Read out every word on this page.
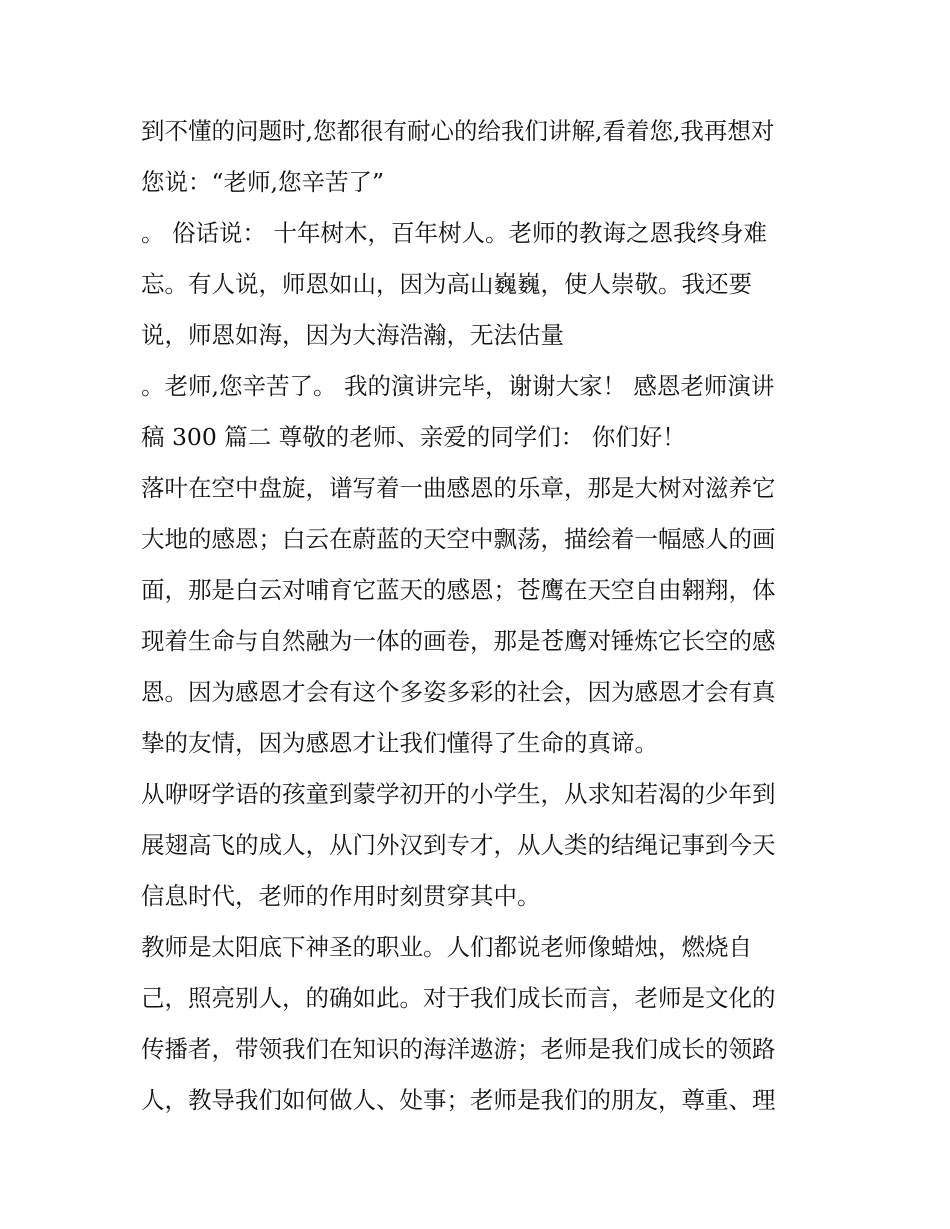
到不懂的问题时,您都很有耐心的给我们讲解,看着您,我再想对
您说：“老师,您辛苦了”
。 俗话说： 十年树木，百年树人。老师的教诲之恩我终身难
忘。有人说，师恩如山，因为高山巍巍，使人崇敬。我还要
说，师恩如海，因为大海浩瀚，无法估量
。老师,您辛苦了。 我的演讲完毕，谢谢大家！ 感恩老师演讲
稿 300 篇二 尊敬的老师、亲爱的同学们： 你们好！
落叶在空中盘旋，谱写着一曲感恩的乐章，那是大树对滋养它
大地的感恩；白云在蔚蓝的天空中飘荡，描绘着一幅感人的画
面，那是白云对哺育它蓝天的感恩；苍鹰在天空自由翱翔，体
现着生命与自然融为一体的画卷，那是苍鹰对锤炼它长空的感
恩。因为感恩才会有这个多姿多彩的社会，因为感恩才会有真
挚的友情，因为感恩才让我们懂得了生命的真谛。
从咿呀学语的孩童到蒙学初开的小学生，从求知若渴的少年到
展翅高飞的成人，从门外汉到专才，从人类的结绳记事到今天
信息时代，老师的作用时刻贯穿其中。
教师是太阳底下神圣的职业。人们都说老师像蜡烛，燃烧自
己，照亮别人，的确如此。对于我们成长而言，老师是文化的
传播者，带领我们在知识的海洋遨游；老师是我们成长的领路
人，教导我们如何做人、处事；老师是我们的朋友，尊重、理
